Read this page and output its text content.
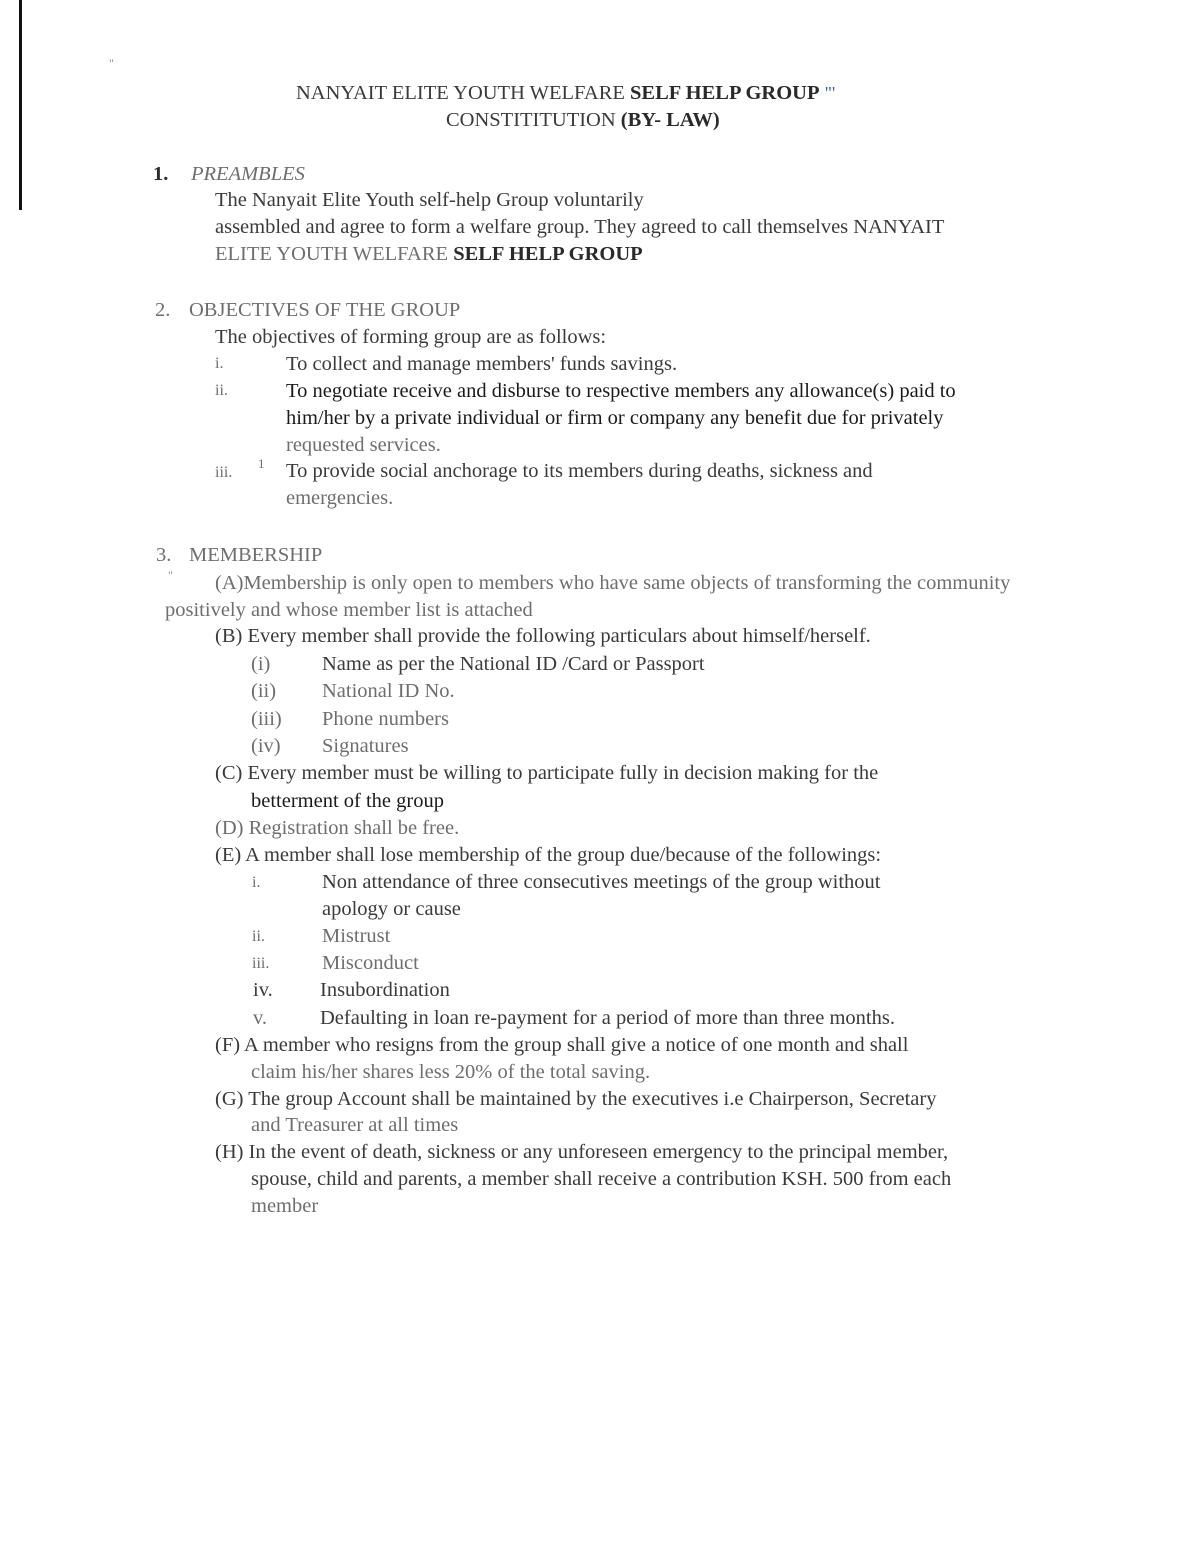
"
NANYAIT ELITE YOUTH WELFARE SELF HELP GROUP "'
CONSTITITUTION (BY- LAW)
1. PREAMBLES
The Nanyait Elite Youth self-help Group voluntarily
assembled and agree to form a welfare group. They agreed to call themselves NANYAIT
ELITE YOUTH WELFARE SELF HELP GROUP
2. OBJECTIVES OF THE GROUP
The objectives of forming group are as follows:
i.	To collect and manage members' funds savings.
ii.	To negotiate receive and disburse to respective members any allowance(s) paid to
him/her by a private individual or firm or company any benefit due for privately
requested services.
1
iii.	To provide social anchorage to its members during deaths, sickness and
emergencies.
3. MEMBERSHIP
" (A)Membership is only open to members who have same objects of transforming the community
positively and whose member list is attached
(B) Every member shall provide the following particulars about himself/herself.
(i)	Name as per the National ID /Card or Passport
(ii) National ID No.
(iii) Phone numbers
(iv) Signatures
(C) Every member must be willing to participate fully in decision making for the
betterment of the group
(D) Registration shall be free.
(E) A member shall lose membership of the group due/because of the followings:
i.	Non attendance of three consecutives meetings of the group without
apology or cause
ii.	Mistrust
iii.	Misconduct
iv. Insubordination
v.	Defaulting in loan re-payment for a period of more than three months.
(F) A member who resigns from the group shall give a notice of one month and shall
claim his/her shares less 20% of the total saving.
(G) The group Account shall be maintained by the executives i.e Chairperson, Secretary
and Treasurer at all times
(H) In the event of death, sickness or any unforeseen emergency to the principal member,
spouse, child and parents, a member shall receive a contribution KSH. 500 from each
member
